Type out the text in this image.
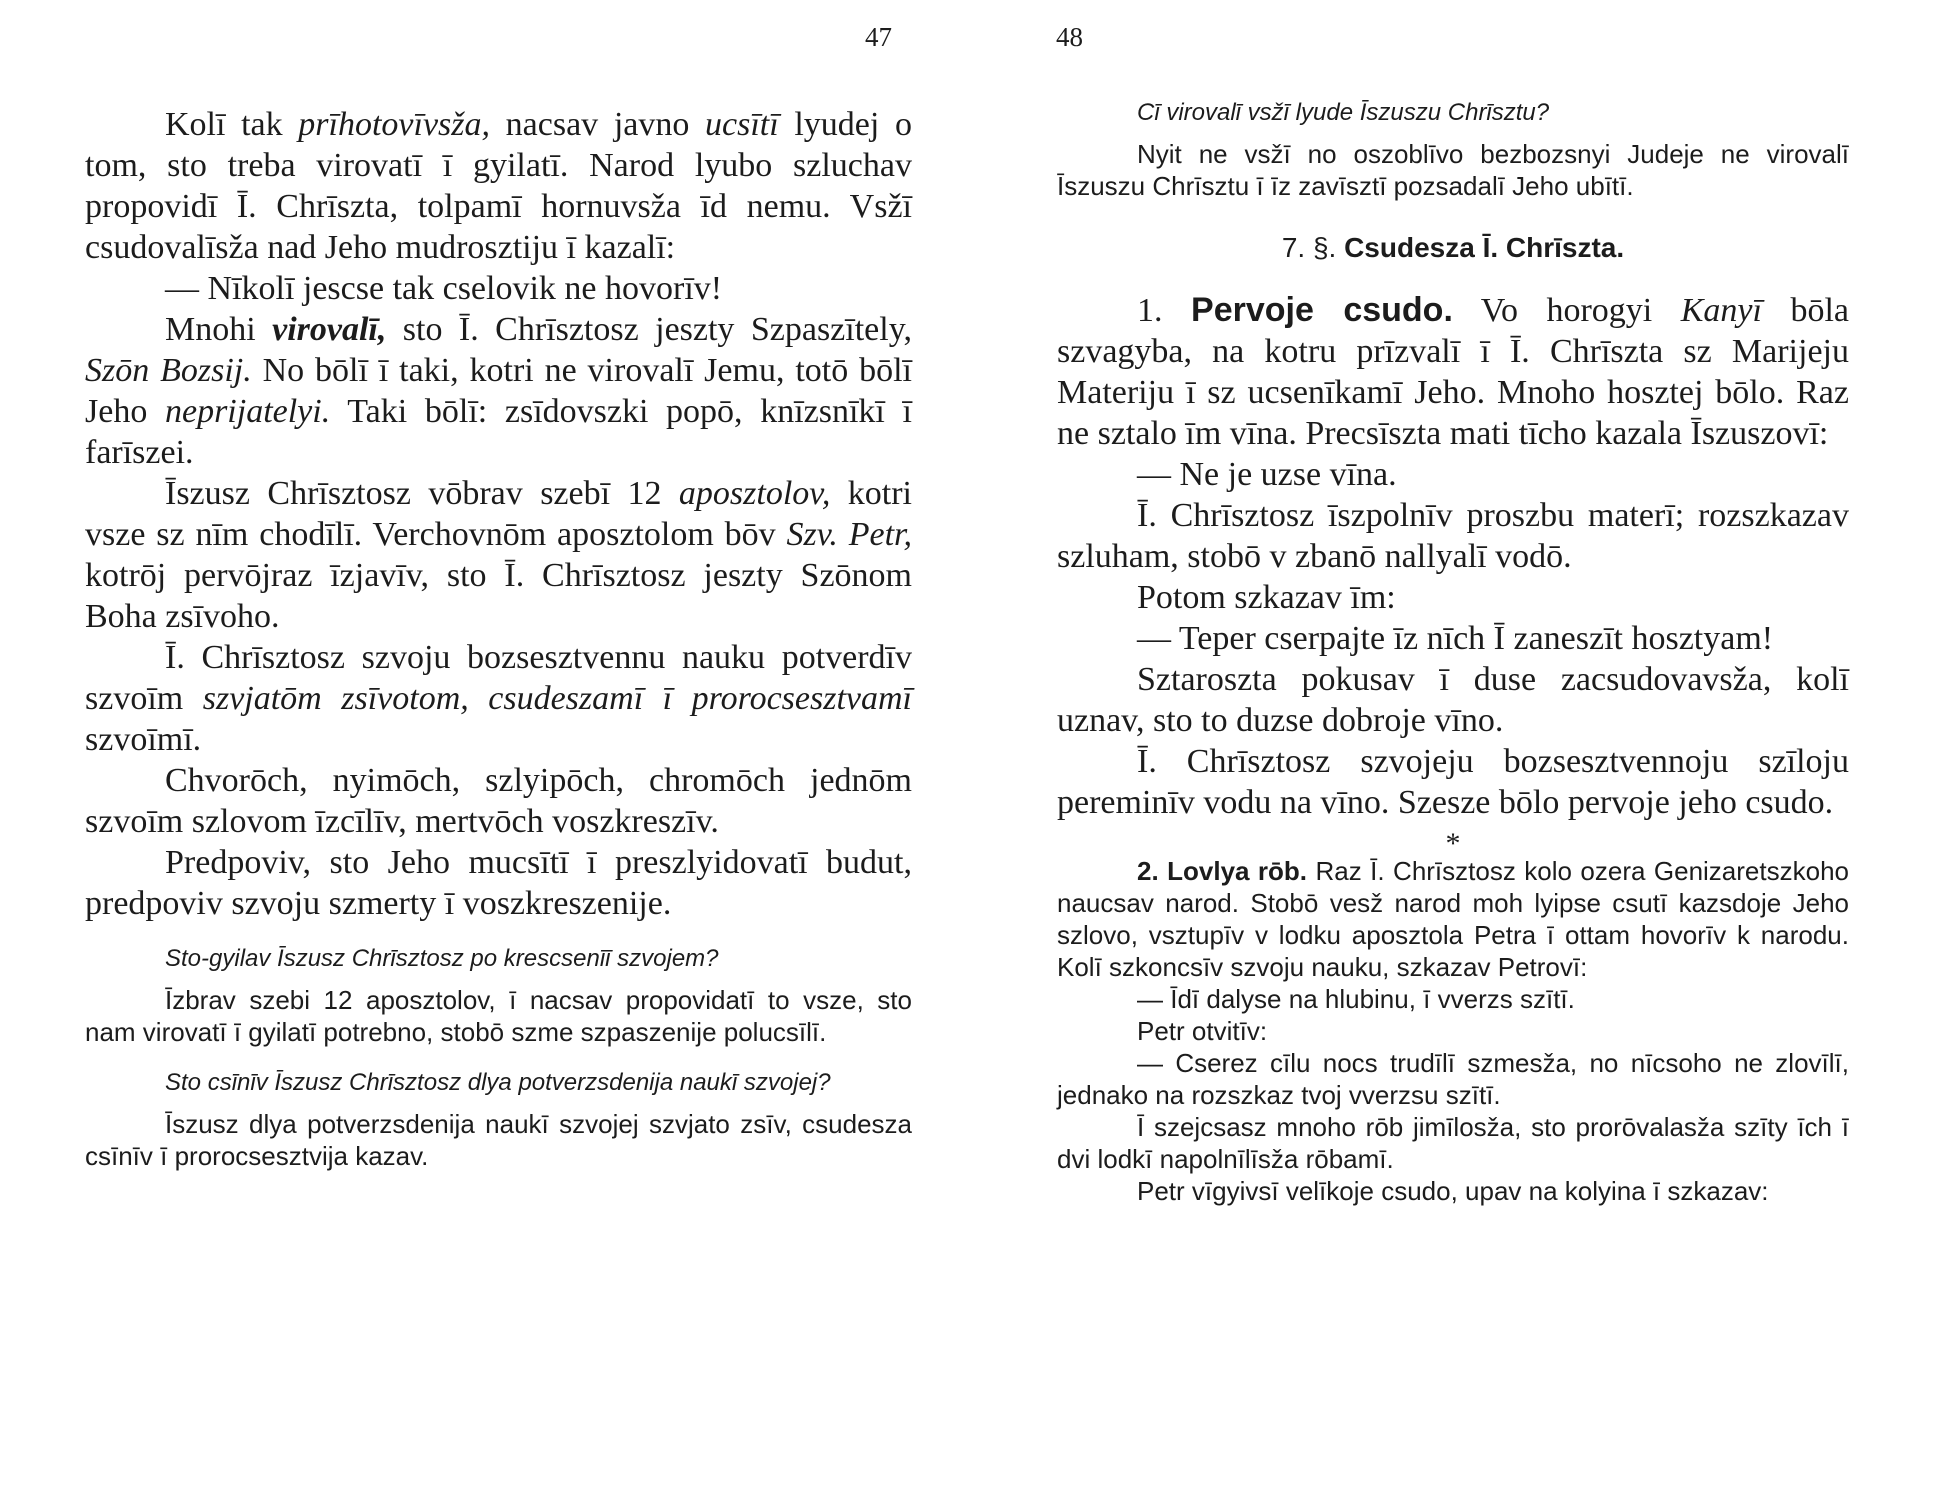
47

Kolī tak prīhotovīvsža, nacsav javno ucsītī lyudej o tom, sto treba virovatī ī gyilatī. Narod lyubo szluchav propovidī Ī. Chrīszta, tolpamī hornuvsža īd nemu. Vsžī csudovalīsža nad Jeho mudrosztiju ī kazalī:

— Nīkolī jescse tak cselovik ne hovorīv!

Mnohi virovalī, sto Ī. Chrīsztosz jeszty Szpaszītely, Szōn Bozsij. No bōlī ī taki, kotri ne virovalī Jemu, totō bōlī Jeho neprijatelyi. Taki bōlī: zsīdovszki popō, knīzsnīkī ī farīszei.

Īszusz Chrīsztosz vōbrav szebī 12 aposztolov, kotri vsze sz nīm chodīlī. Verchovnōm aposztolom bōv Szv. Petr, kotrōj pervōjraz īzjavīv, sto Ī. Chrīsztosz jeszty Szōnom Boha zsīvoho.

Ī. Chrīsztosz szvoju bozsesztvennu nauku potverdīv szvoīm szvjatōm zsīvotom, csudeszamī ī prorocsesztvamī szvoīmī.

Chvorōch, nyimōch, szlyipōch, chromōch jednōm szvoīm szlovom īzcīlīv, mertvōch voszkreszīv.

Predpoviv, sto Jeho mucsītī ī preszlyidovatī budut, predpoviv szvoju szmerty ī voszkreszenije.

Sto-gyilav Īszusz Chrīsztosz po krescsenīī szvojem?

Īzbrav szebi 12 aposztolov, ī nacsav propovidatī to vsze, sto nam virovatī ī gyilatī potrebno, stobō szme szpaszenije polucsīlī.

Sto csīnīv Īszusz Chrīsztosz dlya potverzsdenija naukī szvojej?

Īszusz dlya potverzsdenija naukī szvojej szvjato zsīv, csudesza csīnīv ī prorocsesztvija kazav.

48
Cī virovalī vsžī lyude Īszuszu Chrīsztu?

Nyit ne vsžī no oszoblīvo bezbozsnyi Judeje ne virovalī Īszuszu Chrīsztu ī īz zavīsztī pozsadalī Jeho ubītī.

7. §. Csudesza Ī. Chrīszta.

1. Pervoje csudo. Vo horogyi Kanyī bōla szvagyba, na kotru prīzvalī ī Ī. Chrīszta sz Marijeju Materiju ī sz ucsenīkamī Jeho. Mnoho hosztej bōlo. Raz ne sztalo īm vīna. Precsīszta mati tīcho kazala Īszuszovī:

— Ne je uzse vīna.

Ī. Chrīsztosz īszpolnīv proszbu materī; rozszkazav szluham, stobō v zbanō nallyalī vodō.

Potom szkazav īm:

— Teper cserpajte īz nīch Ī zaneszīt hosztyam!

Sztaroszta pokusav ī duse zacsudovavsža, kolī uznav, sto to duzse dobroje vīno.

Ī. Chrīsztosz szvojeju bozsesztvennoju szīloju pereminīv vodu na vīno. Szesze bōlo pervoje jeho csudo.

*

2. Lovlya rōb. Raz Ī. Chrīsztosz kolo ozera Genizaretszkoho naucsav narod. Stobō vesž narod moh lyipse csutī kazsdoje Jeho szlovo, vsztupīv v lodku aposztola Petra ī ottam hovorīv k narodu. Kolī szkoncsīv szvoju nauku, szkazav Petrovī:

— Īdī dalyse na hlubinu, ī vverzs szītī.

Petr otvitīv:

— Cserez cīlu nocs trudīlī szmesža, no nīcsoho ne zlovīlī, jednako na rozszkaz tvoj vverzsu szītī.

Ī szejcsasz mnoho rōb jimīlosža, sto prorōvalasža szīty īch ī dvi lodkī napolnīlīsža rōbamī.

Petr vīgyivsī velīkoje csudo, upav na kolyina ī szkazav:
